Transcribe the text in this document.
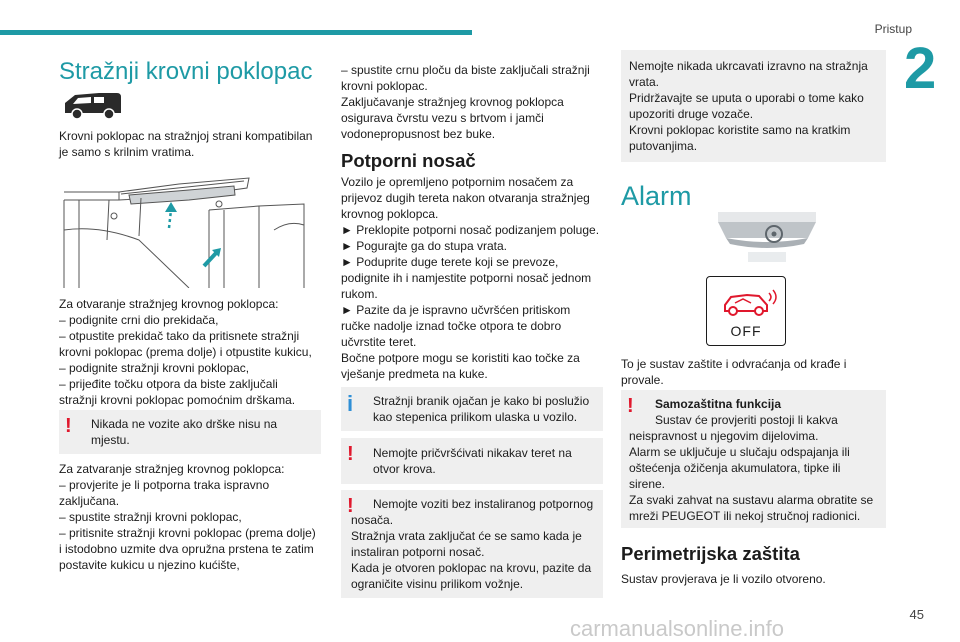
Pristup
2
Stražnji krovni poklopac

Krovni poklopac na stražnjoj strani kompatibilan
je samo s krilnim vratima.

Za otvaranje stražnjeg krovnog poklopca:
– podignite crni dio prekidača,
– otpustite prekidač tako da pritisnete stražnji
krovni poklopac (prema dolje) i otpustite kukicu,
– podignite stražnji krovni poklopac,
– prijeđite točku otpora da biste zaključali
stražnji krovni poklopac pomoćnim drškama.

! Nikada ne vozite ako drške nisu na
mjestu.

Za zatvaranje stražnjeg krovnog poklopca:
– provjerite je li potporna traka ispravno
zaključana.
– spustite stražnji krovni poklopac,
– pritisnite stražnji krovni poklopac (prema dolje)
i istodobno uzmite dva opružna prstena te zatim
postavite kukicu u njezino kućište,

– spustite crnu ploču da biste zaključali stražnji
krovni poklopac.
Zaključavanje stražnjeg krovnog poklopca
osigurava čvrstu vezu s brtvom i jamči
vodonepropusnost bez buke.

Potporni nosač

Vozilo je opremljeno potpornim nosačem za
prijevoz dugih tereta nakon otvaranja stražnjeg
krovnog poklopca.
► Preklopite potporni nosač podizanjem poluge.
► Pogurajte ga do stupa vrata.
► Poduprite duge terete koji se prevoze,
podignite ih i namjestite potporni nosač jednom
rukom.
► Pazite da je ispravno učvršćen pritiskom
ručke nadolje iznad točke otpora te dobro
učvrstite teret.
Bočne potpore mogu se koristiti kao točke za
vješanje predmeta na kuke.

i Stražnji branik ojačan je kako bi poslužio
kao stepenica prilikom ulaska u vozilo.
! Nemojte pričvršćivati nikakav teret na
otvor krova.
!	Nemojte voziti bez instaliranog potpornog
nosača.
Stražnja vrata zaključat će se samo kada je
instaliran potporni nosač.
Kada je otvoren poklopac na krovu, pazite da
ograničite visinu prilikom vožnje.
Nemojte nikada ukrcavati izravno na stražnja
vrata.
Pridržavajte se uputa o uporabi o tome kako
upozoriti druge vozače.
Krovni poklopac koristite samo na kratkim
putovanjima.
Alarm
OFF

To je sustav zaštite i odvraćanja od krađe i
provale.

! Samozaštitna funkcija
Sustav će provjeriti postoji li kakva
neispravnost u njegovim dijelovima.
Alarm se uključuje u slučaju odspajanja ili
oštećenja ožičenja akumulatora, tipke ili
sirene.
Za svaki zahvat na sustavu alarma obratite se
mreži PEUGEOT ili nekoj stručnoj radionici.
Perimetrijska zaštita

Sustav provjerava je li vozilo otvoreno.

45
carmanualsonline.info
